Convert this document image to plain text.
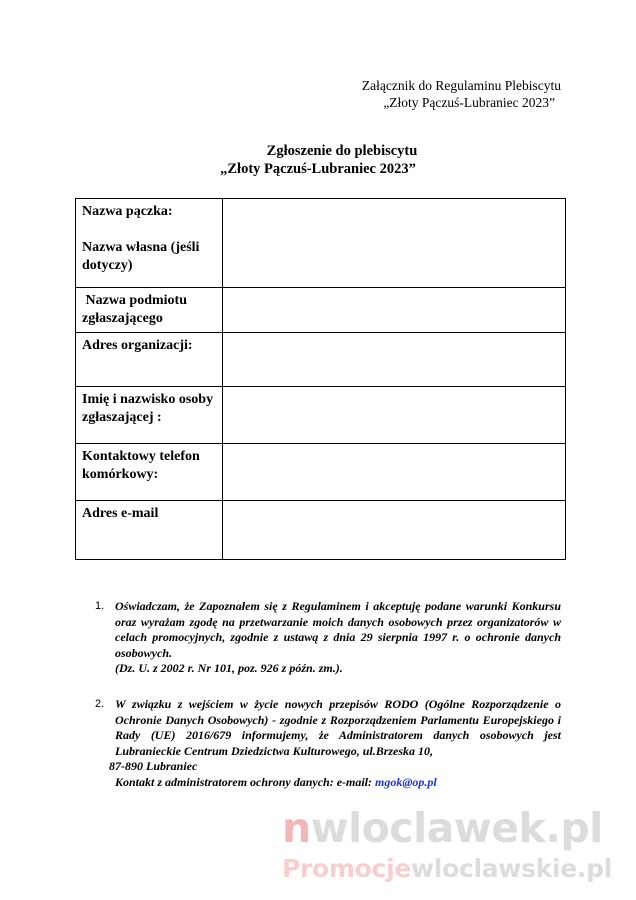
Załącznik do Regulaminu Plebiscytu
„Złoty Pączuś-Lubraniec 2023”
Zgłoszenie do plebiscytu
„Złoty Pączuś-Lubraniec 2023”
Nazwa pączka:
Nazwa własna (jeśli dotyczy)	

Nazwa podmiotu zgłaszającego	
Adres organizacji:	
Imię i nazwisko osoby zgłaszającej :	
Kontaktowy telefon komórkowy:	
Adres e-mail	
1. Oświadczam, że Zapoznałem się z Regulaminem i akceptuję podane warunki Konkursu oraz wyrażam zgodę na przetwarzanie moich danych osobowych przez organizatorów w celach promocyjnych, zgodnie z ustawą z dnia 29 sierpnia 1997 r. o ochronie danych osobowych.

(Dz. U. z 2002 r. Nr 101, poz. 926 z późn. zm.).

2. W związku z wejściem w życie nowych przepisów RODO (Ogólne Rozporządzenie o Ochronie Danych Osobowych) - zgodnie z Rozporządzeniem Parlamentu Europejskiego i Rady (UE) 2016/679 informujemy, że Administratorem danych osobowych jest Lubranieckie Centrum Dziedzictwa Kulturowego, ul.Brzeska 10,

87-890 Lubraniec

Kontakt z administratorem ochrony danych: e-mail: mgok@op.pl

nwloclawek.pl
Promocjewloclawskie.pl
